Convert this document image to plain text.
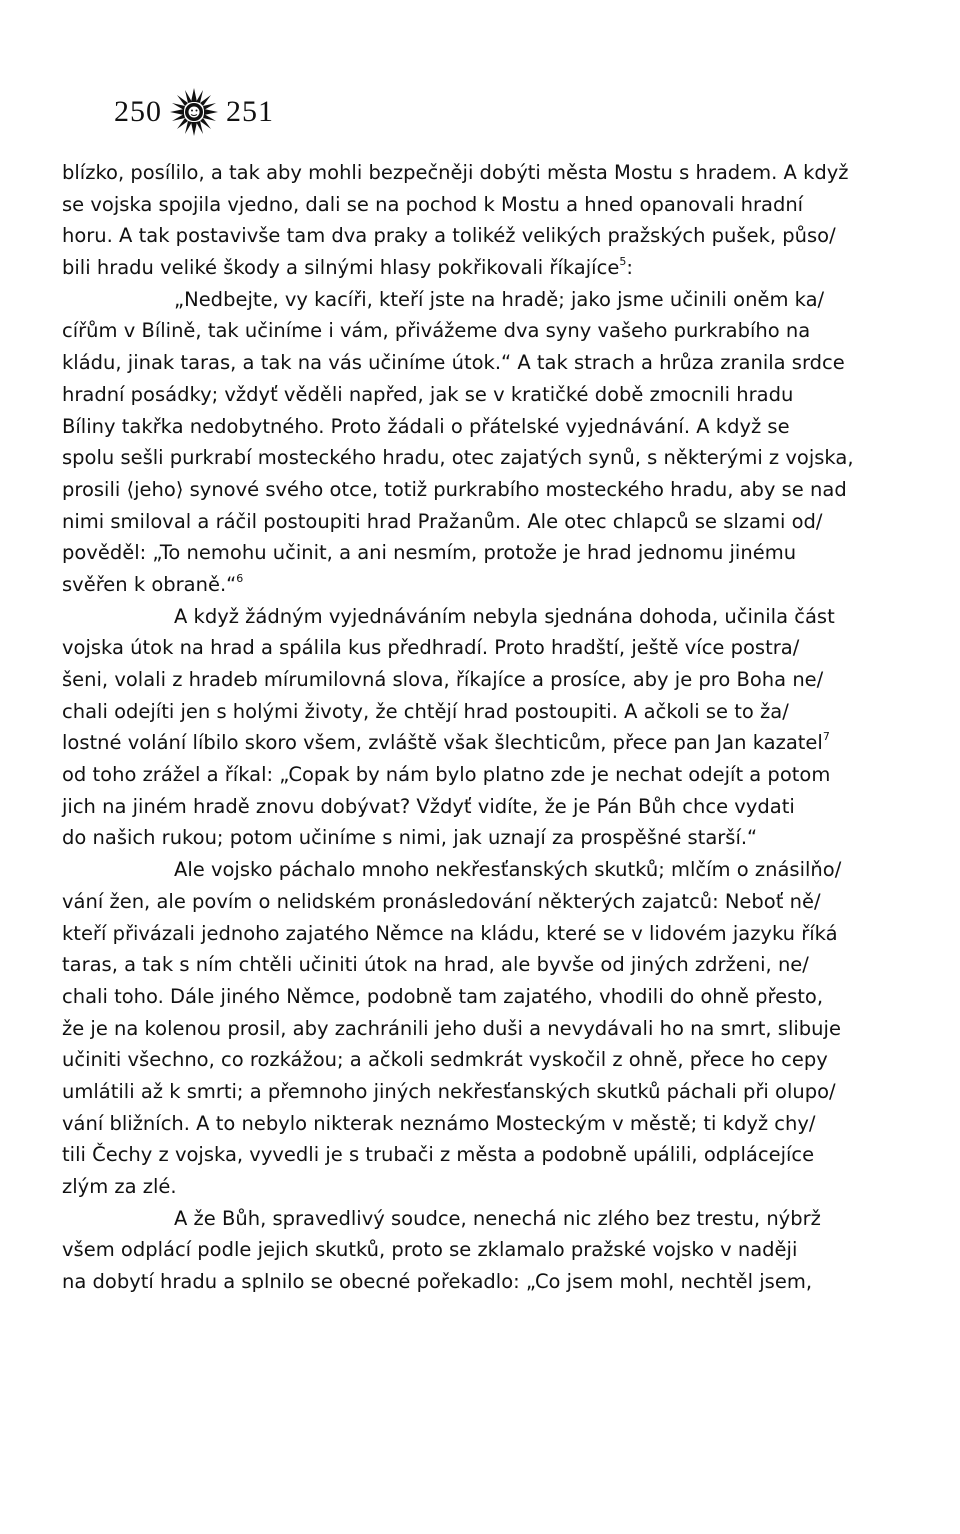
250 251
blízko, posílilo, a tak aby mohli bezpečněji dobýti města Mostu s hradem. A když
se vojska spojila vjedno, dali se na pochod k Mostu a hned opanovali hradní
horu. A tak postavivše tam dva praky a tolikéž velikých pražských pušek, půso/
bili hradu veliké škody a silnými hlasy pokřikovali říkajíce$^5$:
„Nedbejte, vy kacíři, kteří jste na hradě; jako jsme učinili oněm ka/
cířům v Bílině, tak učiníme i vám, přivážeme dva syny vašeho purkrabího na
kládu, jinak taras, a tak na vás učiníme útok.“ A tak strach a hrůza zranila srdce
hradní posádky; vždyť věděli napřed, jak se v kratičké době zmocnili hradu
Bíliny takřka nedobytného. Proto žádali o přátelské vyjednávání. A když se
spolu sešli purkrabí mosteckého hradu, otec zajatých synů, s některými z vojska,
prosili ⟨jeho⟩ synové svého otce, totiž purkrabího mosteckého hradu, aby se nad
nimi smiloval a ráčil postoupiti hrad Pražanům. Ale otec chlapců se slzami od/
pověděl: „To nemohu učinit, a ani nesmím, protože je hrad jednomu jinému
svěřen k obraně.“$^6$
A když žádným vyjednáváním nebyla sjednána dohoda, učinila část
vojska útok na hrad a spálila kus předhradí. Proto hradští, ještě více postra/
šeni, volali z hradeb mírumilovná slova, říkajíce a prosíce, aby je pro Boha ne/
chali odejíti jen s holými životy, že chtějí hrad postoupiti. A ačkoli se to ža/
lostné volání líbilo skoro všem, zvláště však šlechticům, přece pan Jan kazatel$^7$
od toho zrážel a říkal: „Copak by nám bylo platno zde je nechat odejít a potom
jich na jiném hradě znovu dobývat? Vždyť vidíte, že je Pán Bůh chce vydati
do našich rukou; potom učiníme s nimi, jak uznají za prospěšné starší.“
Ale vojsko páchalo mnoho nekřesťanských skutků; mlčím o znásilňo/
vání žen, ale povím o nelidském pronásledování některých zajatců: Neboť ně/
kteří přivázali jednoho zajatého Němce na kládu, které se v lidovém jazyku říká
taras, a tak s ním chtěli učiniti útok na hrad, ale byvše od jiných zdrženi, ne/
chali toho. Dále jiného Němce, podobně tam zajatého, vhodili do ohně přesto,
že je na kolenou prosil, aby zachránili jeho duši a nevydávali ho na smrt, slibuje
učiniti všechno, co rozkážou; a ačkoli sedmkrát vyskočil z ohně, přece ho cepy
umlátili až k smrti; a přemnoho jiných nekřesťanských skutků páchali při olupo/
vání bližních. A to nebylo nikterak neznámo Mosteckým v městě; ti když chy/
tili Čechy z vojska, vyvedli je s trubači z města a podobně upálili, odplácejíce
zlým za zlé.
A že Bůh, spravedlivý soudce, nenechá nic zlého bez trestu, nýbrž
všem odplácí podle jejich skutků, proto se zklamalo pražské vojsko v naději
na dobytí hradu a splnilo se obecné pořekadlo: „Co jsem mohl, nechtěl jsem,
